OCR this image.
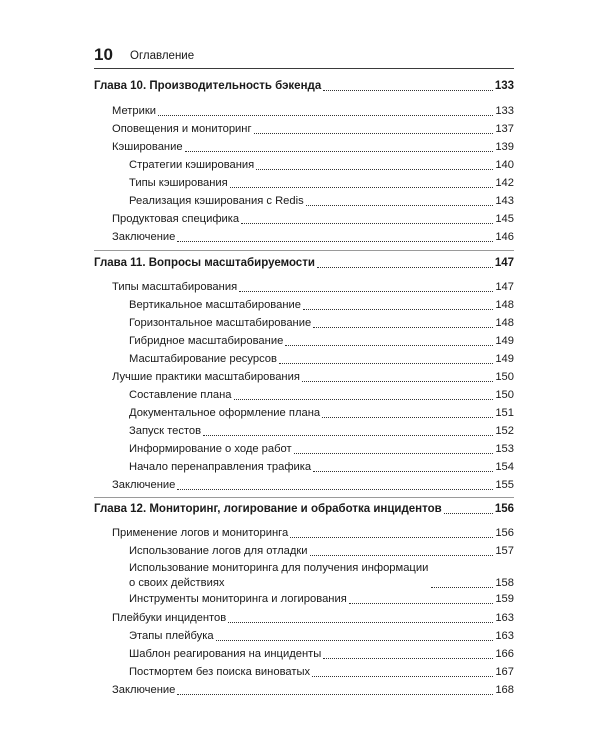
10 Оглавление
Глава 10. Производительность бэкенда	133
Метрики	133
Оповещения и мониторинг	137
Кэширование	139
Стратегии кэширования	140
Типы кэширования	142
Реализация кэширования с Redis	143
Продуктовая специфика	145
Заключение	146
Глава 11. Вопросы масштабируемости	147
Типы масштабирования	147
Вертикальное масштабирование	148
Горизонтальное масштабирование	148
Гибридное масштабирование	149
Масштабирование ресурсов	149
Лучшие практики масштабирования	150
Составление плана	150
Документальное оформление плана	151
Запуск тестов	152
Информирование о ходе работ	153
Начало перенаправления трафика	154
Заключение	155
Глава 12. Мониторинг, логирование и обработка инцидентов	156
Применение логов и мониторинга	156
Использование логов для отладки	157
Использование мониторинга для получения информации
о своих действиях	158
Инструменты мониторинга и логирования	159
Плейбуки инцидентов	163
Этапы плейбука	163
Шаблон реагирования на инциденты	166
Постмортем без поиска виноватых	167
Заключение	168
